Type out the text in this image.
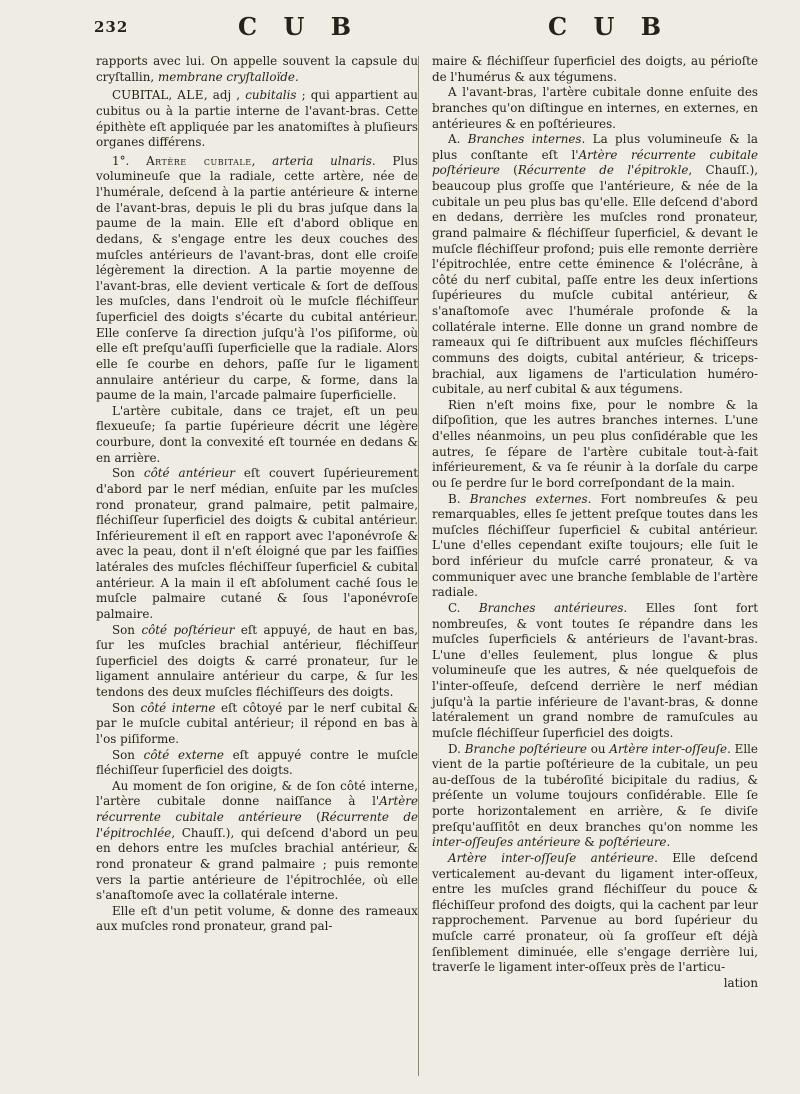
232	C U B	C U B

rapports avec lui. On appelle souvent la capsule du cryſtallin, membrane cryſtalloïde.

CUBITAL, ALE, adj , cubitalis ; qui appartient au cubitus ou à la partie interne de l'avant-bras. Cette épithète eſt appliquée par les anatomiſtes à pluſieurs organes différens.

1°. Artère cubitale, arteria ulnaris. Plus volumineuſe que la radiale, cette artère, née de l'humérale, deſcend à la partie antérieure & interne de l'avant-bras, depuis le pli du bras juſque dans la paume de la main. Elle eſt d'abord oblique en dedans, & s'engage entre les deux couches des muſcles antérieurs de l'avant-bras, dont elle croiſe légèrement la direction. A la partie moyenne de l'avant-bras, elle devient verticale & ſort de deſſous les muſcles, dans l'endroit où le muſcle fléchiſſeur ſuperficiel des doigts s'écarte du cubital antérieur. Elle conſerve ſa direction juſqu'à l'os piſiforme, où elle eſt preſqu'auſſi ſuperficielle que la radiale. Alors elle ſe courbe en dehors, paſſe ſur le ligament annulaire antérieur du carpe, & forme, dans la paume de la main, l'arcade palmaire ſuperficielle.

L'artère cubitale, dans ce trajet, eſt un peu flexueuſe; ſa partie ſupérieure décrit une légère courbure, dont la convexité eſt tournée en dedans & en arrière.

Son côté antérieur eſt couvert ſupérieurement d'abord par le nerf médian, enſuite par les muſcles rond pronateur, grand palmaire, petit palmaire, fléchiſſeur ſuperficiel des doigts & cubital antérieur. Inférieurement il eſt en rapport avec l'aponévroſe & avec la peau, dont il n'eſt éloigné que par les faiſſies latérales des muſcles fléchiſſeur ſuperficiel & cubital antérieur. A la main il eſt abſolument caché ſous le muſcle palmaire cutané & ſous l'aponévroſe palmaire.

Son côté poſtérieur eſt appuyé, de haut en bas, ſur les muſcles brachial antérieur, fléchiſſeur ſuperficiel des doigts & carré pronateur, ſur le ligament annulaire antérieur du carpe, & ſur les tendons des deux muſcles fléchiſſeurs des doigts.

Son côté interne eſt côtoyé par le nerf cubital & par le muſcle cubital antérieur; il répond en bas à l'os piſiforme.

Son côté externe eſt appuyé contre le muſcle fléchiſſeur ſuperficiel des doigts.

Au moment de ſon origine, & de ſon côté interne, l'artère cubitale donne naiſſance à l'Artère récurrente cubitale antérieure (Récurrente de l'épitrochlée, Chauſſ.), qui deſcend d'abord un peu en dehors entre les muſcles brachial antérieur, & rond pronateur & grand palmaire ; puis remonte vers la partie antérieure de l'épitrochlée, où elle s'anaſtomoſe avec la collatérale interne.

Elle eſt d'un petit volume, & donne des rameaux aux muſcles rond pronateur, grand pal-

maire & fléchiſſeur ſuperficiel des doigts, au périoſte de l'humérus & aux tégumens.

A l'avant-bras, l'artère cubitale donne enſuite des branches qu'on diſtingue en internes, en externes, en antérieures & en poſtérieures.

A. Branches internes. La plus volumineuſe & la plus conſtante eſt l'Artère récurrente cubitale poſtérieure (Récurrente de l'épitrokle, Chauſſ.), beaucoup plus groſſe que l'antérieure, & née de la cubitale un peu plus bas qu'elle. Elle deſcend d'abord en dedans, derrière les muſcles rond pronateur, grand palmaire & fléchiſſeur ſuperficiel, & devant le muſcle fléchiſſeur profond; puis elle remonte derrière l'épitrochlée, entre cette éminence & l'olécrâne, à côté du nerf cubital, paſſe entre les deux inſertions ſupérieures du muſcle cubital antérieur, & s'anaſtomoſe avec l'humérale profonde & la collatérale interne. Elle donne un grand nombre de rameaux qui ſe diſtribuent aux muſcles fléchiſſeurs communs des doigts, cubital antérieur, & triceps-brachial, aux ligamens de l'articulation huméro-cubitale, au nerf cubital & aux tégumens.

Rien n'eſt moins fixe, pour le nombre & la diſpoſition, que les autres branches internes. L'une d'elles néanmoins, un peu plus conſidérable que les autres, ſe ſépare de l'artère cubitale tout-à-fait inférieurement, & va ſe réunir à la dorſale du carpe ou ſe perdre ſur le bord correſpondant de la main.

B. Branches externes. Fort nombreuſes & peu remarquables, elles ſe jettent preſque toutes dans les muſcles fléchiſſeur ſuperficiel & cubital antérieur. L'une d'elles cependant exiſte toujours; elle ſuit le bord inférieur du muſcle carré pronateur, & va communiquer avec une branche ſemblable de l'artère radiale.

C. Branches antérieures. Elles ſont fort nombreuſes, & vont toutes ſe répandre dans les muſcles ſuperficiels & antérieurs de l'avant-bras. L'une d'elles ſeulement, plus longue & plus volumineuſe que les autres, & née quelquefois de l'inter-oſſeuſe, deſcend derrière le nerf médian juſqu'à la partie inférieure de l'avant-bras, & donne latéralement un grand nombre de ramuſcules au muſcle fléchiſſeur ſuperficiel des doigts.

D. Branche poſtérieure ou Artère inter-oſſeuſe. Elle vient de la partie poſtérieure de la cubitale, un peu au-deſſous de la tubéroſité bicipitale du radius, & préſente un volume toujours conſidérable. Elle ſe porte horizontalement en arrière, & ſe diviſe preſqu'auſſitôt en deux branches qu'on nomme les inter-oſſeuſes antérieure & poſtérieure.

Artère inter-oſſeuſe antérieure. Elle deſcend verticalement au-devant du ligament inter-oſſeux, entre les muſcles grand fléchiſſeur du pouce & fléchiſſeur profond des doigts, qui la cachent par leur rapprochement. Parvenue au bord ſupérieur du muſcle carré pronateur, où ſa groſſeur eſt déjà ſenſiblement diminuée, elle s'engage derrière lui, traverſe le ligament inter-oſſeux près de l'articu-

lation
